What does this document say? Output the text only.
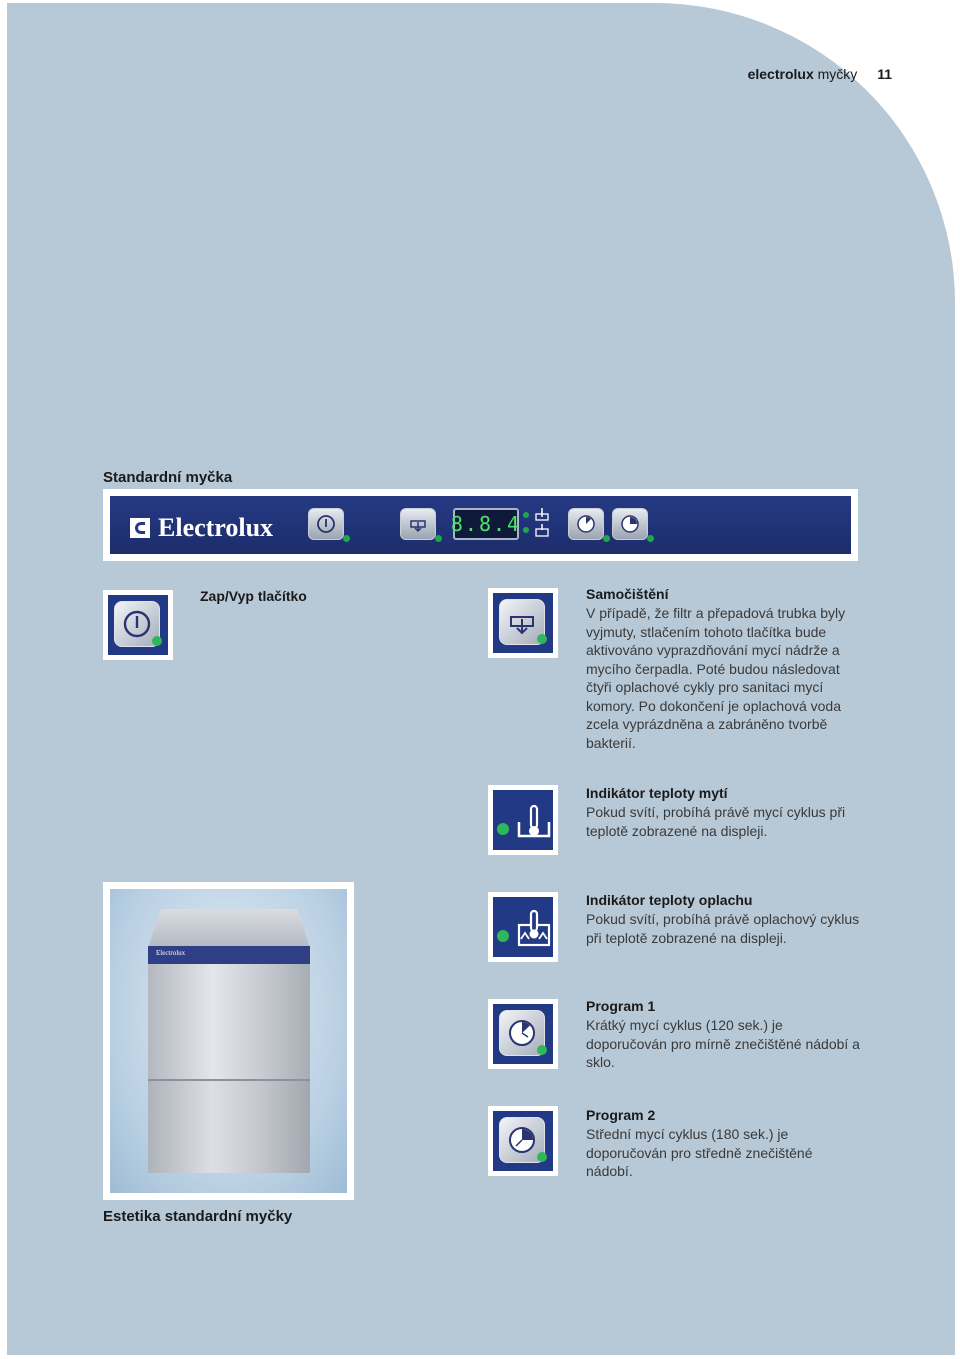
electrolux myčky 11
Standardní myčka
Electrolux	8.8.4
Zap/Vyp tlačítko	Samočištění
V případě, že filtr a přepadová trubka byly vyjmuty, stlačením tohoto tlačítka bude aktivováno vyprazdňování mycí nádrže a mycího čerpadla. Poté budou následovat čtyři oplachové cykly pro sanitaci mycí komory. Po dokončení je oplachová voda zcela vyprázdněna a zabráněno tvorbě bakterií.
Indikátor teploty mytí
Pokud svítí, probíhá právě mycí cyklus při teplotě zobrazené na displeji.
Indikátor teploty oplachu
Pokud svítí, probíhá právě oplachový cyklus při teplotě zobrazené na displeji.
Program 1
Krátký mycí cyklus (120 sek.) je doporučován pro mírně znečištěné nádobí a sklo.
Program 2
Střední mycí cyklus (180 sek.) je doporučován pro středně znečištěné nádobí.
Electrolux
Estetika standardní myčky
